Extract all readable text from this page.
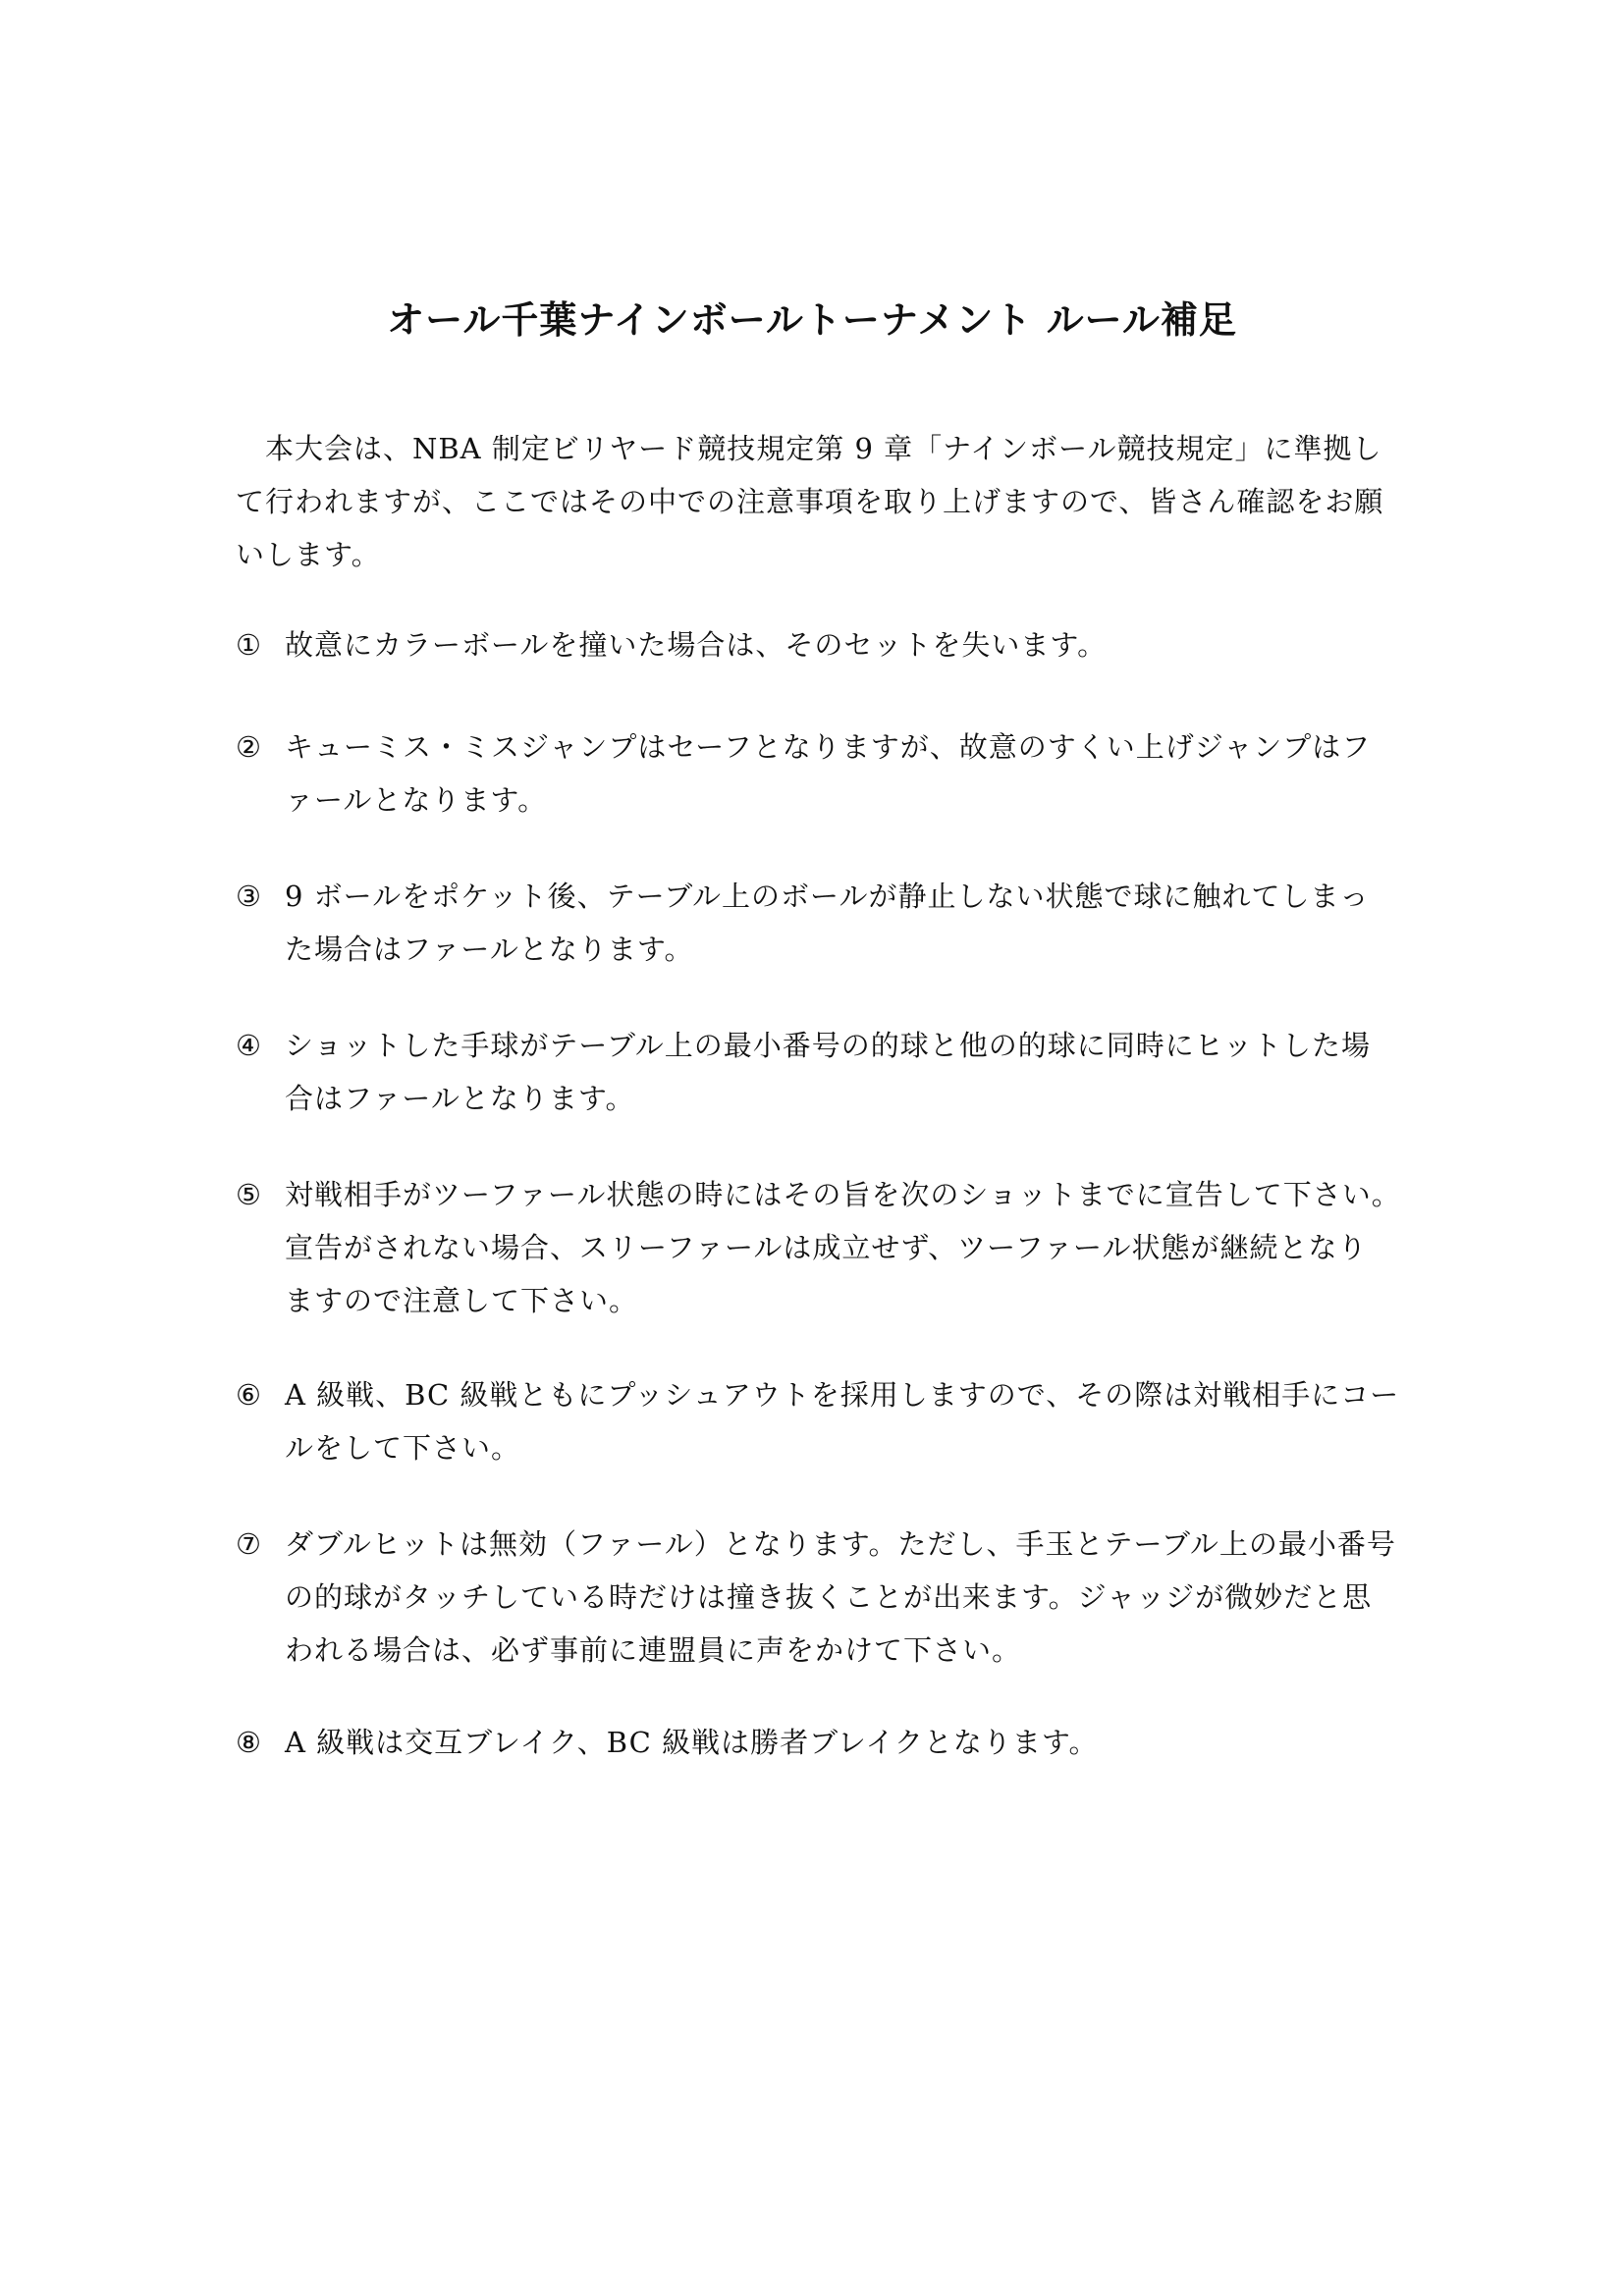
オール千葉ナインボールトーナメント ルール補足
　本大会は、NBA 制定ビリヤード競技規定第 9 章「ナインボール競技規定」に準拠し
て行われますが、ここではその中での注意事項を取り上げますので、皆さん確認をお願
いします。
① 故意にカラーボールを撞いた場合は、そのセットを失います。
② キューミス・ミスジャンプはセーフとなりますが、故意のすくい上げジャンプはフ
ァールとなります。
③ 9 ボールをポケット後、テーブル上のボールが静止しない状態で球に触れてしまっ
た場合はファールとなります。
④ ショットした手球がテーブル上の最小番号の的球と他の的球に同時にヒットした場
合はファールとなります。
⑤ 対戦相手がツーファール状態の時にはその旨を次のショットまでに宣告して下さい。
宣告がされない場合、スリーファールは成立せず、ツーファール状態が継続となり
ますので注意して下さい。
⑥ A 級戦、BC 級戦ともにプッシュアウトを採用しますので、その際は対戦相手にコー
ルをして下さい。
⑦ ダブルヒットは無効（ファール）となります。ただし、手玉とテーブル上の最小番号
の的球がタッチしている時だけは撞き抜くことが出来ます。ジャッジが微妙だと思
われる場合は、必ず事前に連盟員に声をかけて下さい。
⑧ A 級戦は交互ブレイク、BC 級戦は勝者ブレイクとなります。
